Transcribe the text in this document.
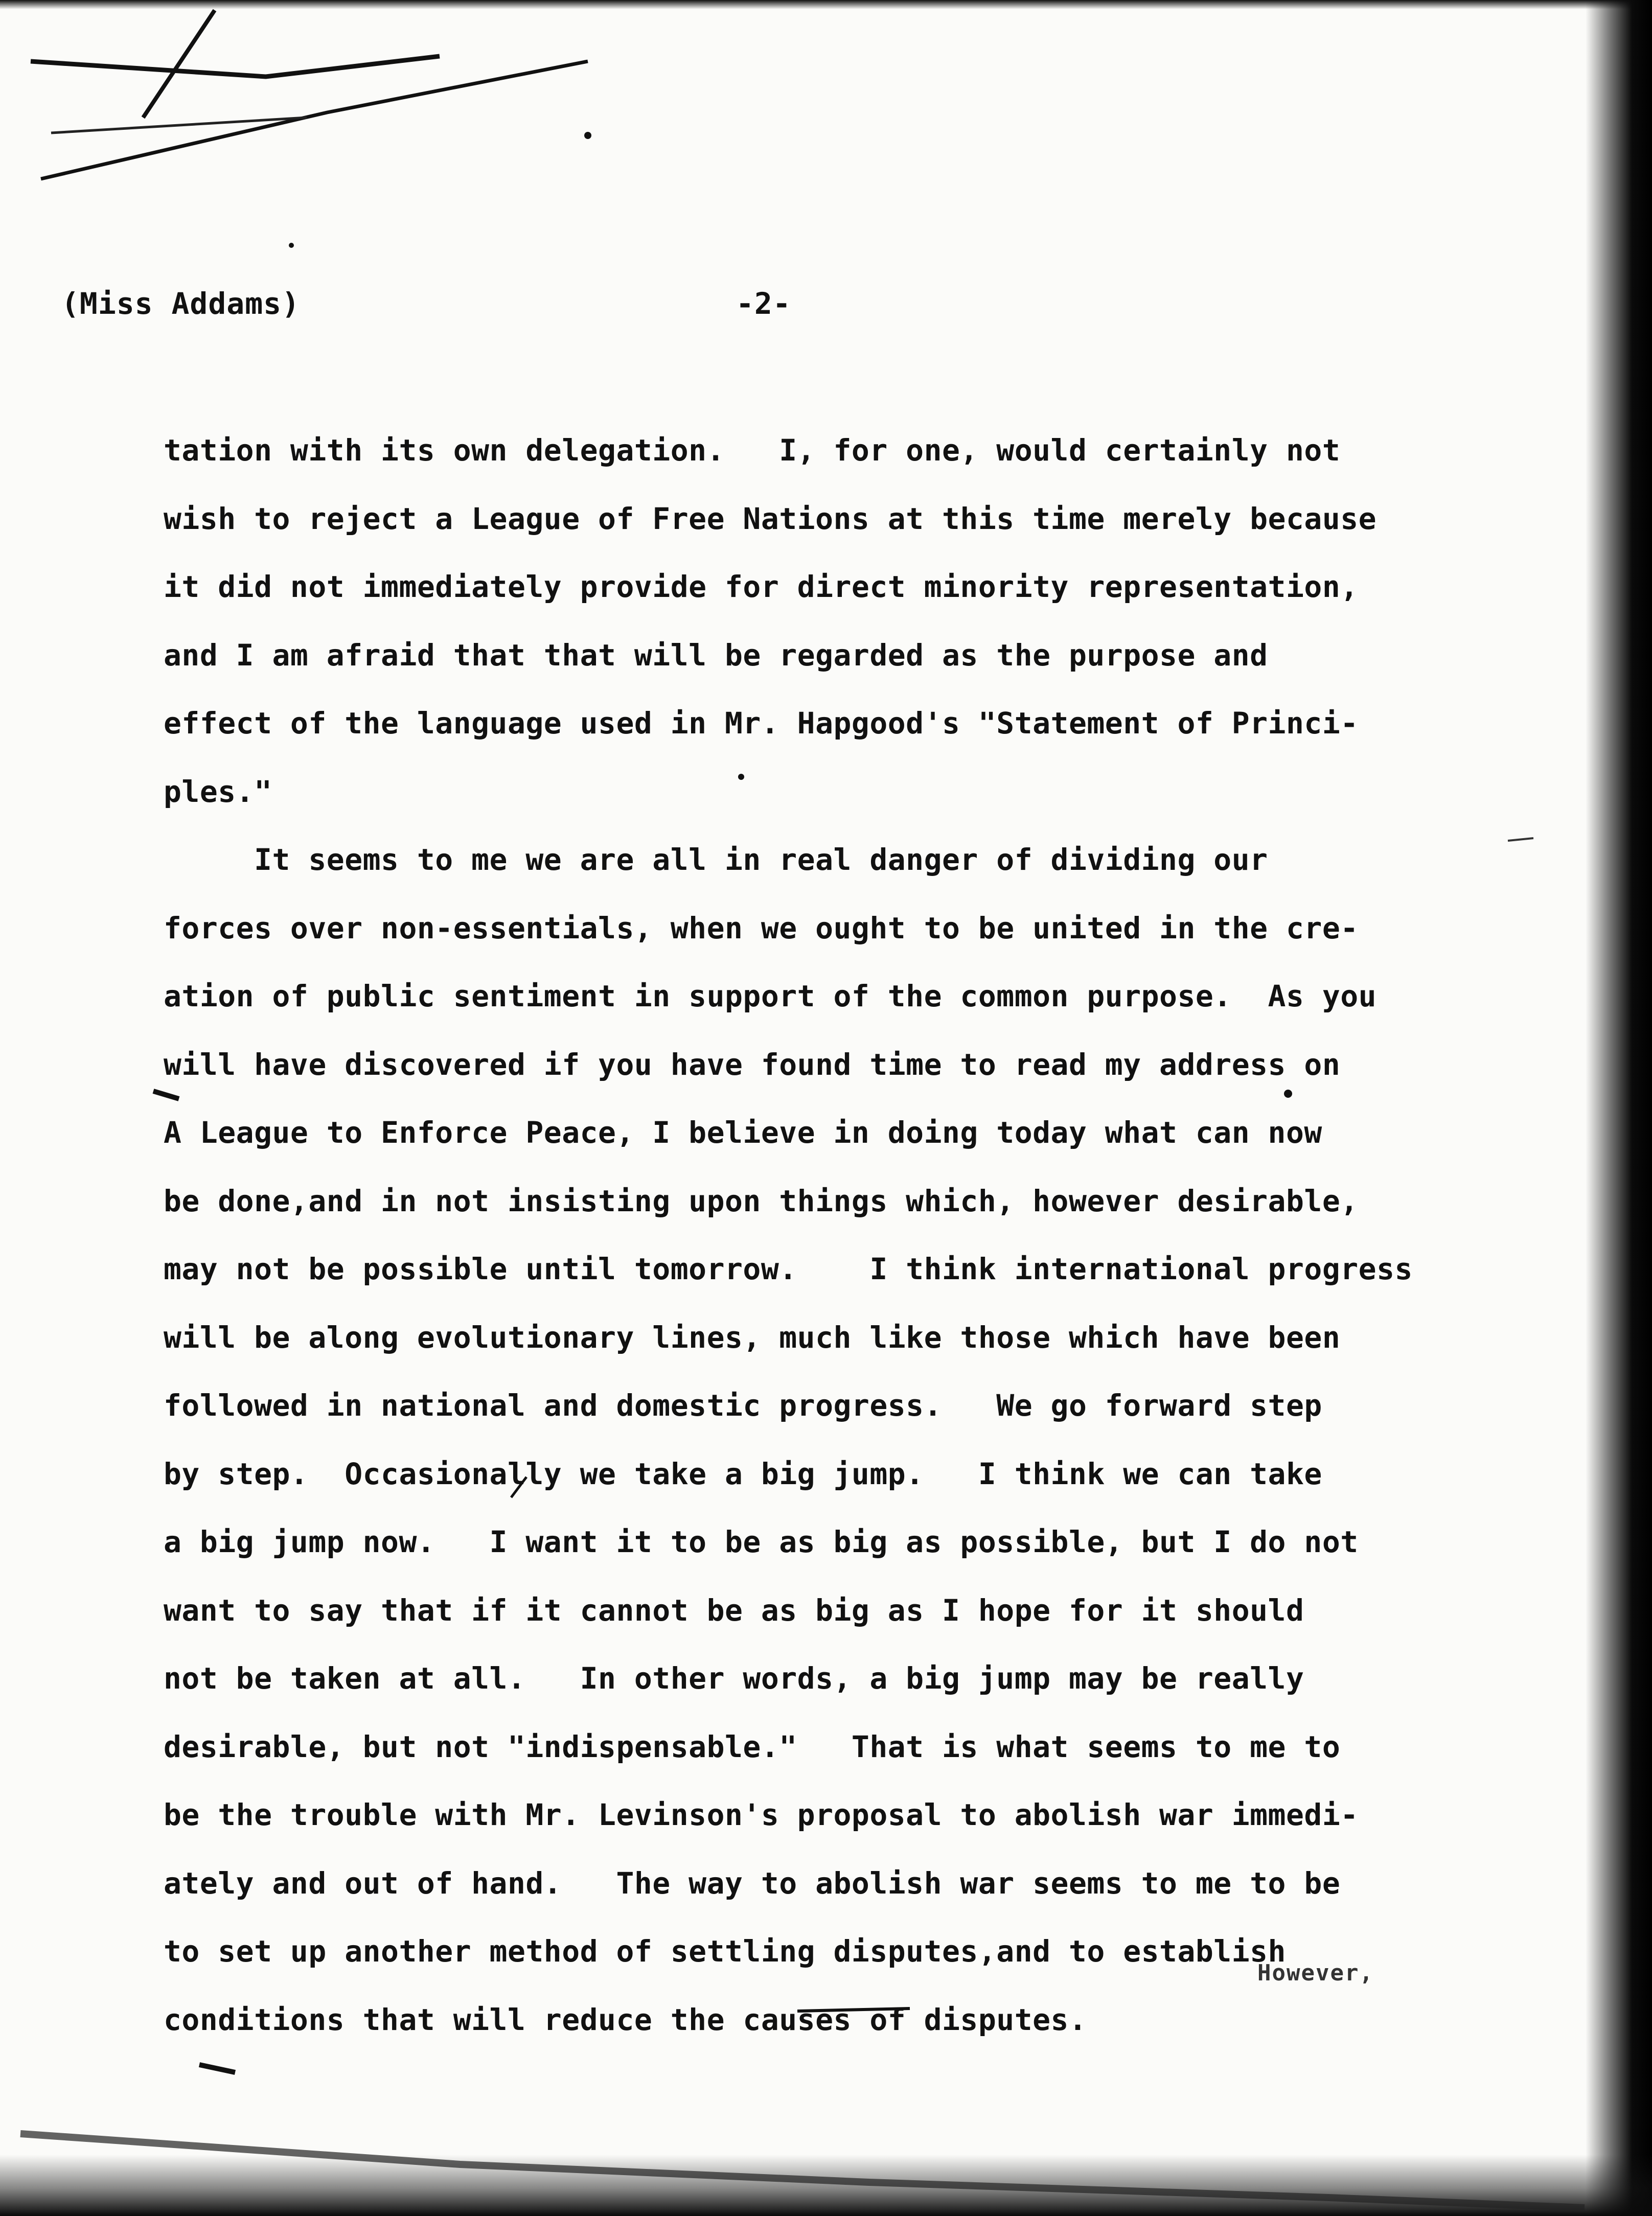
(Miss Addams)	-2-
tation with its own delegation.   I, for one, would certainly not
wish to reject a League of Free Nations at this time merely because
it did not immediately provide for direct minority representation,
and I am afraid that that will be regarded as the purpose and
effect of the language used in Mr. Hapgood's "Statement of Princi-
ples."
It seems to me we are all in real danger of dividing our
forces over non-essentials, when we ought to be united in the cre-
ation of public sentiment in support of the common purpose.  As you
will have discovered if you have found time to read my address on
A League to Enforce Peace, I believe in doing today what can now
be done,and in not insisting upon things which, however desirable,
may not be possible until tomorrow.    I think international progress
will be along evolutionary lines, much like those which have been
followed in national and domestic progress.   We go forward step
by step.  Occasionally we take a big jump.   I think we can take
a big jump now.   I want it to be as big as possible, but I do not
want to say that if it cannot be as big as I hope for it should
not be taken at all.   In other words, a big jump may be really
desirable, but not "indispensable."   That is what seems to me to
be the trouble with Mr. Levinson's proposal to abolish war immedi-
ately and out of hand.   The way to abolish war seems to me to be
to set up another method of settling disputes,and to establish
conditions that will reduce the causes of disputes.
However,
